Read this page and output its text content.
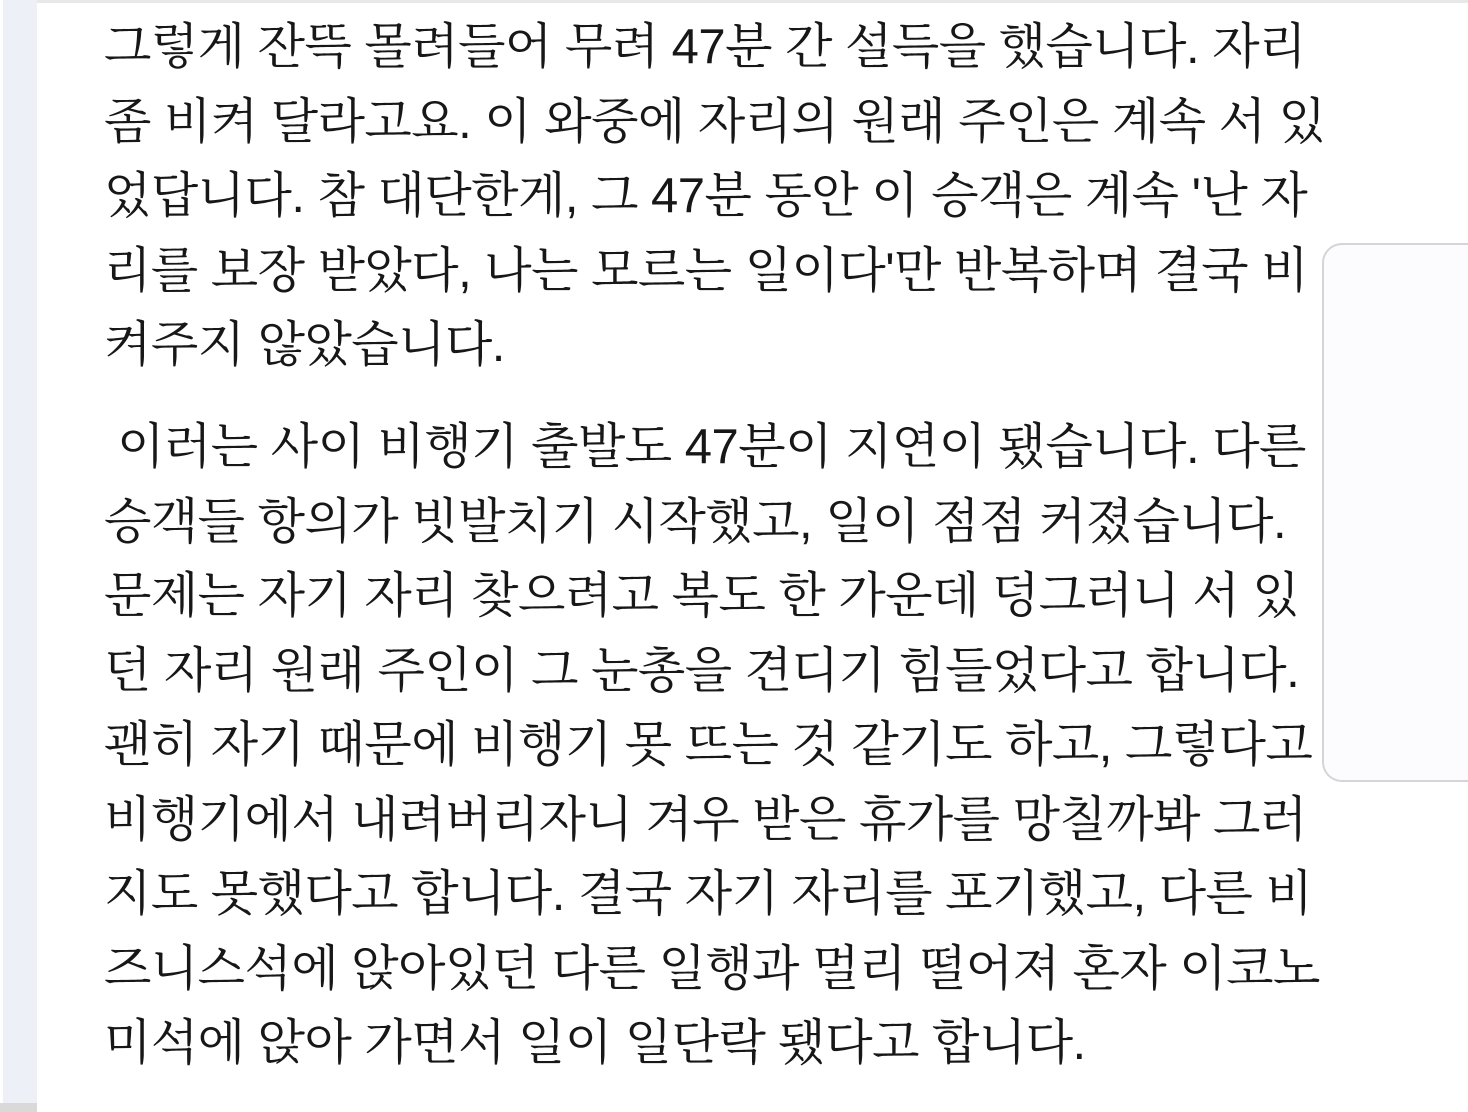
그렇게 잔뜩 몰려들어 무려 47분 간 설득을 했습니다. 자리
좀 비켜 달라고요. 이 와중에 자리의 원래 주인은 계속 서 있
었답니다. 참 대단한게, 그 47분 동안 이 승객은 계속 '난 자
리를 보장 받았다, 나는 모르는 일이다'만 반복하며 결국 비
켜주지 않았습니다.
이러는 사이 비행기 출발도 47분이 지연이 됐습니다. 다른
승객들 항의가 빗발치기 시작했고, 일이 점점 커졌습니다.
문제는 자기 자리 찾으려고 복도 한 가운데 덩그러니 서 있
던 자리 원래 주인이 그 눈총을 견디기 힘들었다고 합니다.
괜히 자기 때문에 비행기 못 뜨는 것 같기도 하고, 그렇다고
비행기에서 내려버리자니 겨우 받은 휴가를 망칠까봐 그러
지도 못했다고 합니다. 결국 자기 자리를 포기했고, 다른 비
즈니스석에 앉아있던 다른 일행과 멀리 떨어져 혼자 이코노
미석에 앉아 가면서 일이 일단락 됐다고 합니다.
